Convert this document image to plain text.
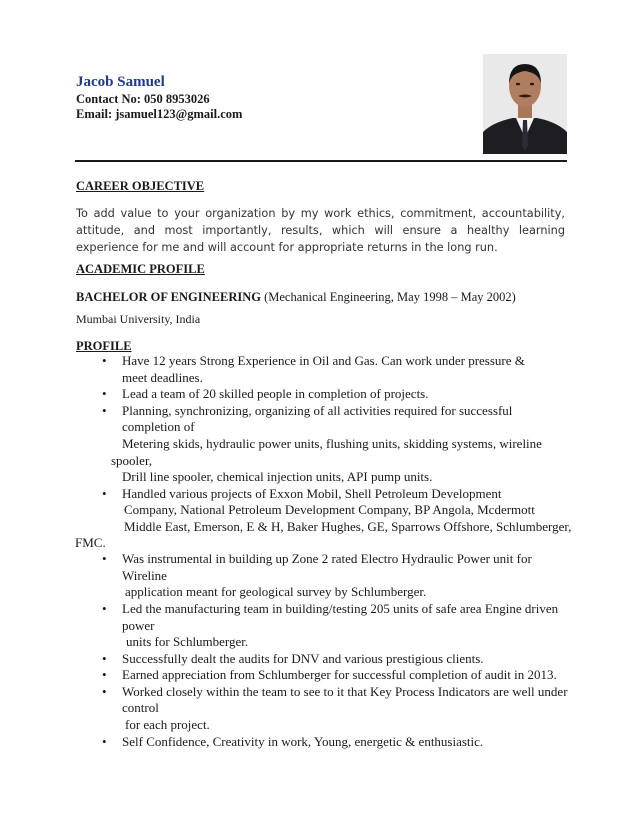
Jacob Samuel
Contact No: 050 8953026
Email: jsamuel123@gmail.com
CAREER OBJECTIVE
To add value to your organization by my work ethics, commitment, accountability, attitude, and most importantly, results, which will ensure a healthy learning experience for me and will account for appropriate returns in the long run.
ACADEMIC PROFILE
BACHELOR OF ENGINEERING (Mechanical Engineering, May 1998 – May 2002)
Mumbai University, India
PROFILE
•
•
•
•
•
•
•
•
•
•
Have 12 years Strong Experience in Oil and Gas. Can work under pressure &
meet deadlines.
Lead a team of 20 skilled people in completion of projects.
Planning, synchronizing, organizing of all activities required for successful
completion of
Metering skids, hydraulic power units, flushing units, skidding systems, wireline
spooler,
Drill line spooler, chemical injection units, API pump units.
Handled various projects of Exxon Mobil, Shell Petroleum Development
Company, National Petroleum Development Company, BP Angola, Mcdermott
Middle East, Emerson, E & H, Baker Hughes, GE, Sparrows Offshore, Schlumberger,
FMC.
Was instrumental in building up Zone 2 rated Electro Hydraulic Power unit for
Wireline
application meant for geological survey by Schlumberger.
Led the manufacturing team in building/testing 205 units of safe area Engine driven
power
units for Schlumberger.
Successfully dealt the audits for DNV and various prestigious clients.
Earned appreciation from Schlumberger for successful completion of audit in 2013.
Worked closely within the team to see to it that Key Process Indicators are well under
control
for each project.
Self Confidence, Creativity in work, Young, energetic & enthusiastic.
